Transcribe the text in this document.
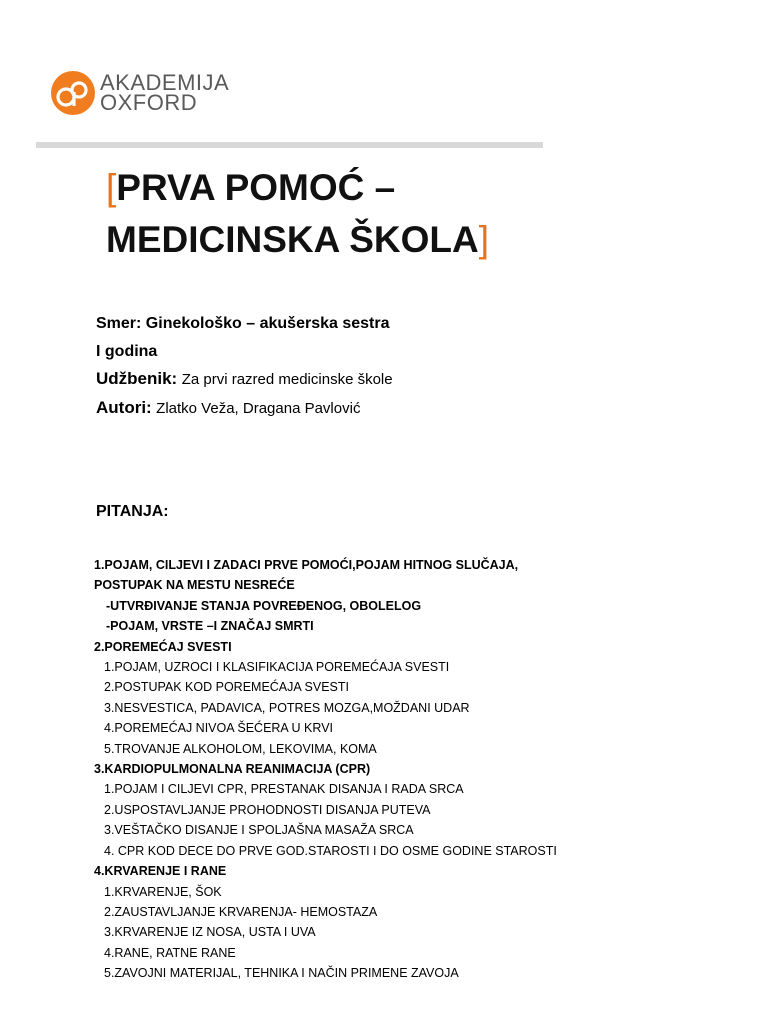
AKADEMIJA
OXFORD
[PRVA POMOĆ –
MEDICINSKA ŠKOLA]
Smer: Ginekološko – akušerska sestra
I godina
Udžbenik: Za prvi razred medicinske škole
Autori: Zlatko Veža, Dragana Pavlović
PITANJA:
1.POJAM, CILJEVI I ZADACI PRVE POMOĆI,POJAM HITNOG SLUČAJA,
POSTUPAK NA MESTU NESREĆE
-UTVRĐIVANJE STANJA POVREĐENOG, OBOLELOG
-POJAM, VRSTE –I ZNAČAJ SMRTI
2.POREMEĆAJ SVESTI
1.POJAM, UZROCI I KLASIFIKACIJA POREMEĆAJA SVESTI
2.POSTUPAK KOD POREMEĆAJA SVESTI
3.NESVESTICA, PADAVICA, POTRES MOZGA,MOŽDANI UDAR
4.POREMEĆAJ NIVOA ŠEĆERA U KRVI
5.TROVANJE ALKOHOLOM, LEKOVIMA, KOMA
3.KARDIOPULMONALNA REANIMACIJA (CPR)
1.POJAM I CILJEVI CPR, PRESTANAK DISANJA I RADA SRCA
2.USPOSTAVLJANJE PROHODNOSTI DISANJA PUTEVA
3.VEŠTAČKO DISANJE I SPOLJAŠNA MASAŽA SRCA
4. CPR KOD DECE DO PRVE GOD.STAROSTI I DO OSME GODINE STAROSTI
4.KRVARENJE I RANE
1.KRVARENJE, ŠOK
2.ZAUSTAVLJANJE KRVARENJA- HEMOSTAZA
3.KRVARENJE IZ NOSA, USTA I UVA
4.RANE, RATNE RANE
5.ZAVOJNI MATERIJAL, TEHNIKA I NAČIN PRIMENE ZAVOJA
